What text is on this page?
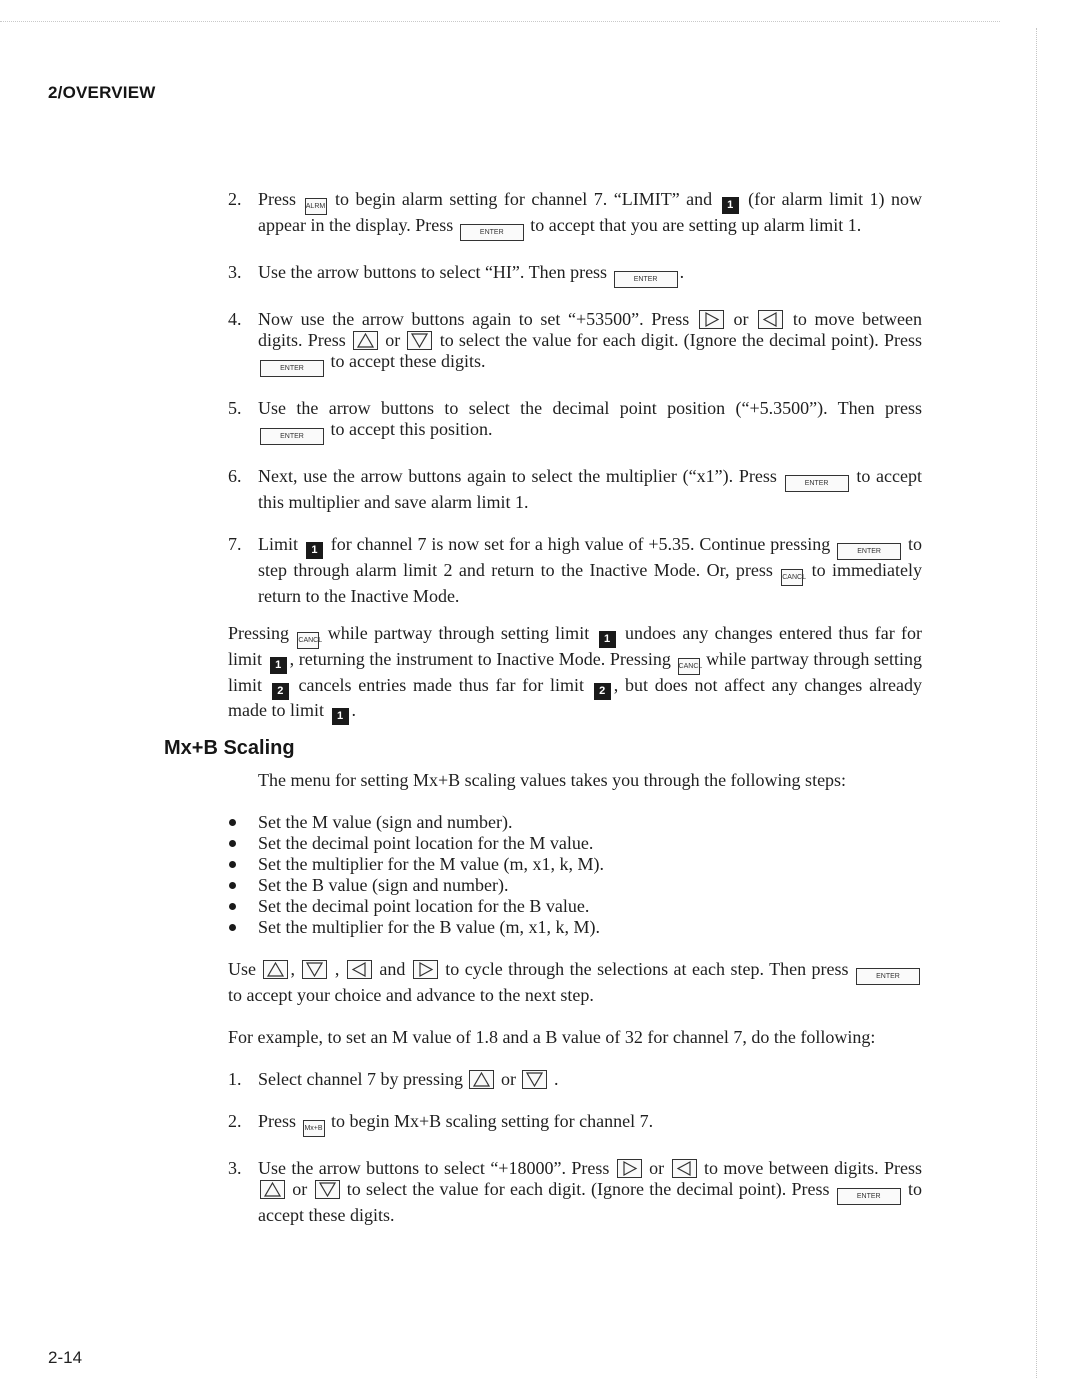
2/OVERVIEW
2. Press ALRM to begin alarm setting for channel 7. “LIMIT” and 1 (for alarm limit 1) now appear in the display. Press	ENTER to accept that you are setting up alarm limit 1.
3. Use the arrow buttons to select “HI”. Then press	ENTER .
4. Now use the arrow buttons again to set “+53500”. Press or to move between digits. Press or to select the value for each digit. (Ignore the decimal point). Press ENTER to accept these digits.
5. Use the arrow buttons to select the decimal point position (“+5.3500”). Then press ENTER to accept this position.
6. Next, use the arrow buttons again to select the multiplier (“x1”). Press	ENTER to accept this multiplier and save alarm limit 1.
7. Limit 1 for channel 7 is now set for a high value of +5.35. Continue pressing	ENTER to step through alarm limit 2 and return to the Inactive Mode. Or, press CANCL to immediately return to the Inactive Mode.
Pressing CANCL while partway through setting limit 1 undoes any changes entered thus far for limit 1 , returning the instrument to Inactive Mode. Pressing CANCL while partway through setting limit 2 cancels entries made thus far for limit 2 , but does not affect any changes already made to limit 1 .
Mx+B Scaling
The menu for setting Mx+B scaling values takes you through the following steps:
Set the M value (sign and number).
Set the decimal point location for the M value.
Set the multiplier for the M value (m, x1, k, M).
Set the B value (sign and number).
Set the decimal point location for the B value.
Set the multiplier for the B value (m, x1, k, M).
Use , , and to cycle through the selections at each step. Then press	ENTER to accept your choice and advance to the next step.
For example, to set an M value of 1.8 and a B value of 32 for channel 7, do the following:
1. Select channel 7 by pressing or .
2. Press Mx+B to begin Mx+B scaling setting for channel 7.
3. Use the arrow buttons to select “+18000”. Press or to move between digits. Press
or to select the value for each digit. (Ignore the decimal point). Press	ENTER to accept these digits.
2-14
